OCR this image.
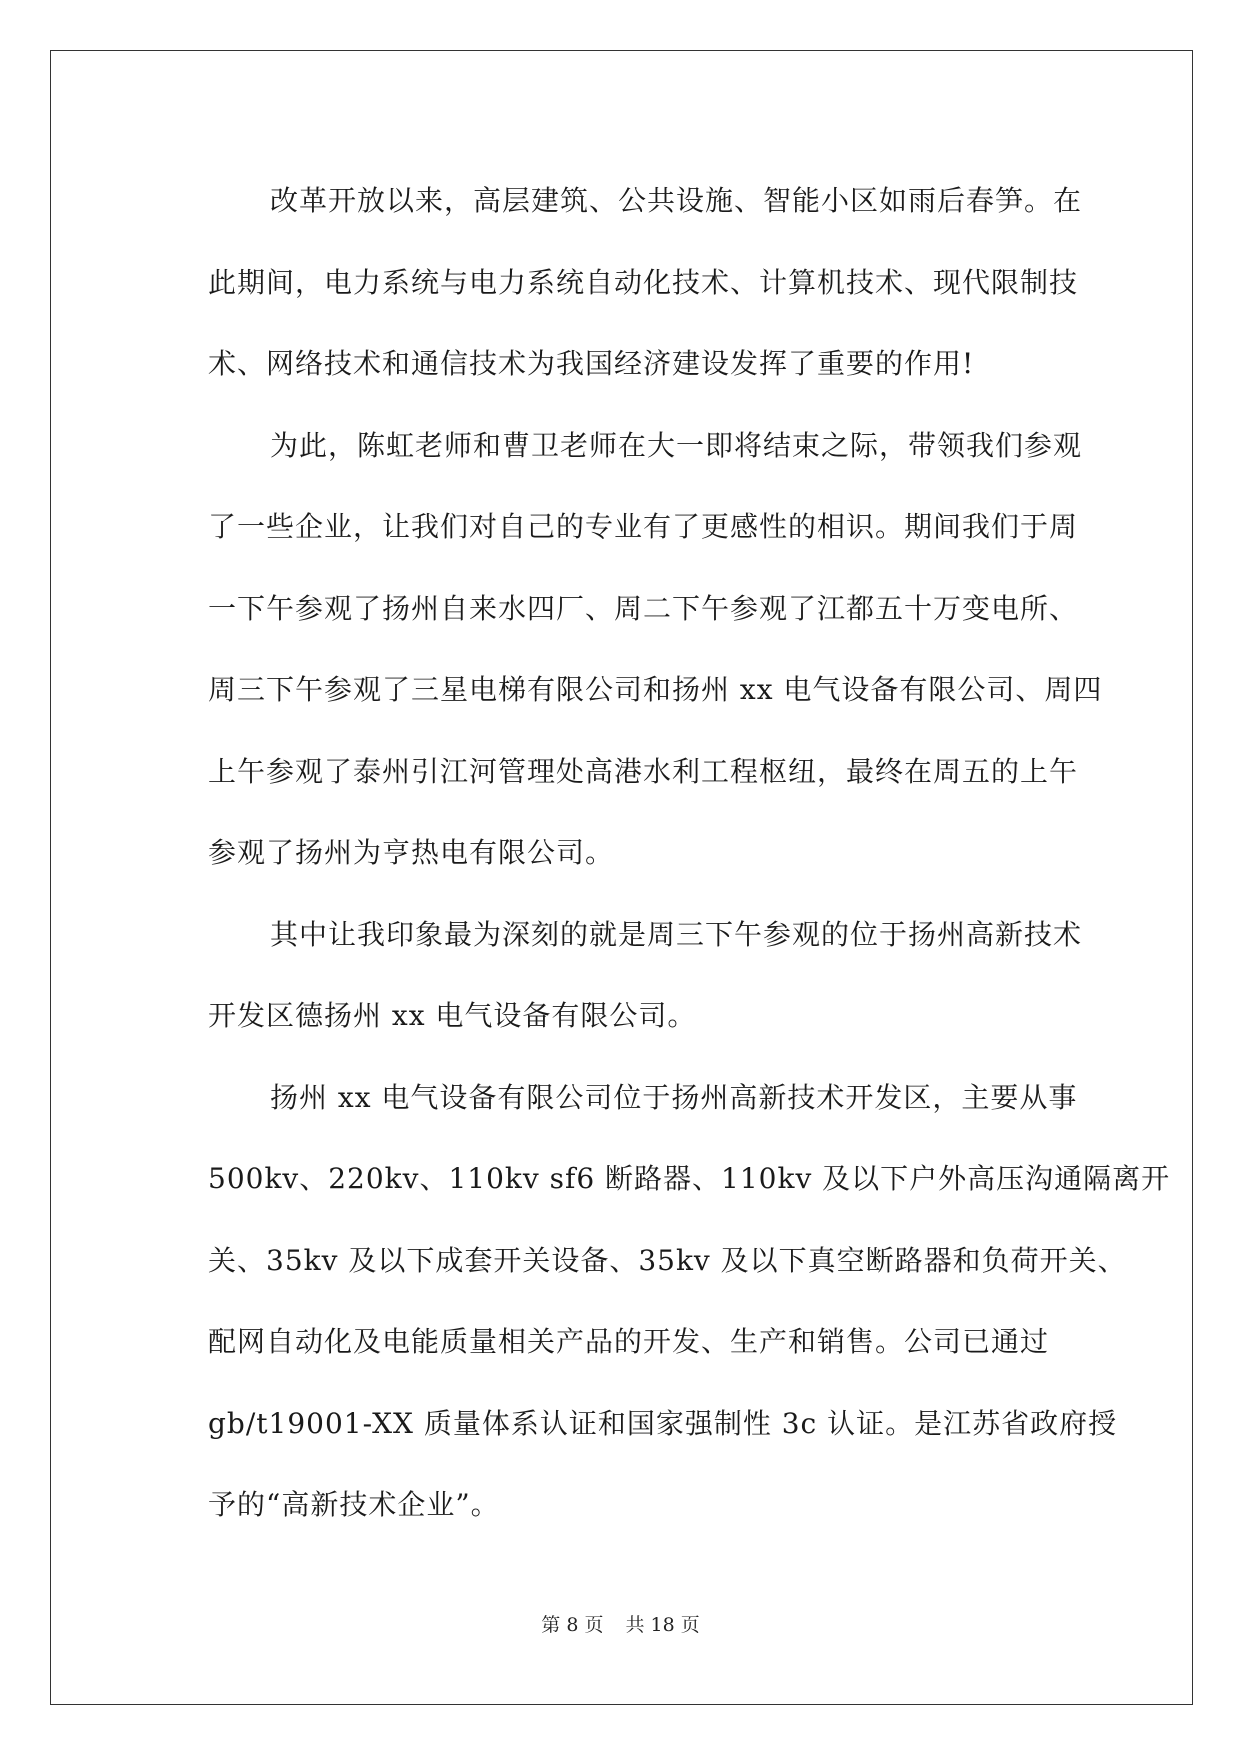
改革开放以来，高层建筑、公共设施、智能小区如雨后春笋。在
此期间，电力系统与电力系统自动化技术、计算机技术、现代限制技
术、网络技术和通信技术为我国经济建设发挥了重要的作用!
为此，陈虹老师和曹卫老师在大一即将结束之际，带领我们参观
了一些企业，让我们对自己的专业有了更感性的相识。期间我们于周
一下午参观了扬州自来水四厂、周二下午参观了江都五十万变电所、
周三下午参观了三星电梯有限公司和扬州 xx 电气设备有限公司、周四
上午参观了泰州引江河管理处高港水利工程枢纽，最终在周五的上午
参观了扬州为亨热电有限公司。
其中让我印象最为深刻的就是周三下午参观的位于扬州高新技术
开发区德扬州 xx 电气设备有限公司。
扬州 xx 电气设备有限公司位于扬州高新技术开发区，主要从事
500kv、220kv、110kv sf6 断路器、110kv 及以下户外高压沟通隔离开
关、35kv 及以下成套开关设备、35kv 及以下真空断路器和负荷开关、
配网自动化及电能质量相关产品的开发、生产和销售。公司已通过
gb/t19001-XX 质量体系认证和国家强制性 3c 认证。是江苏省政府授
予的“高新技术企业”。
第 8 页 共 18 页
